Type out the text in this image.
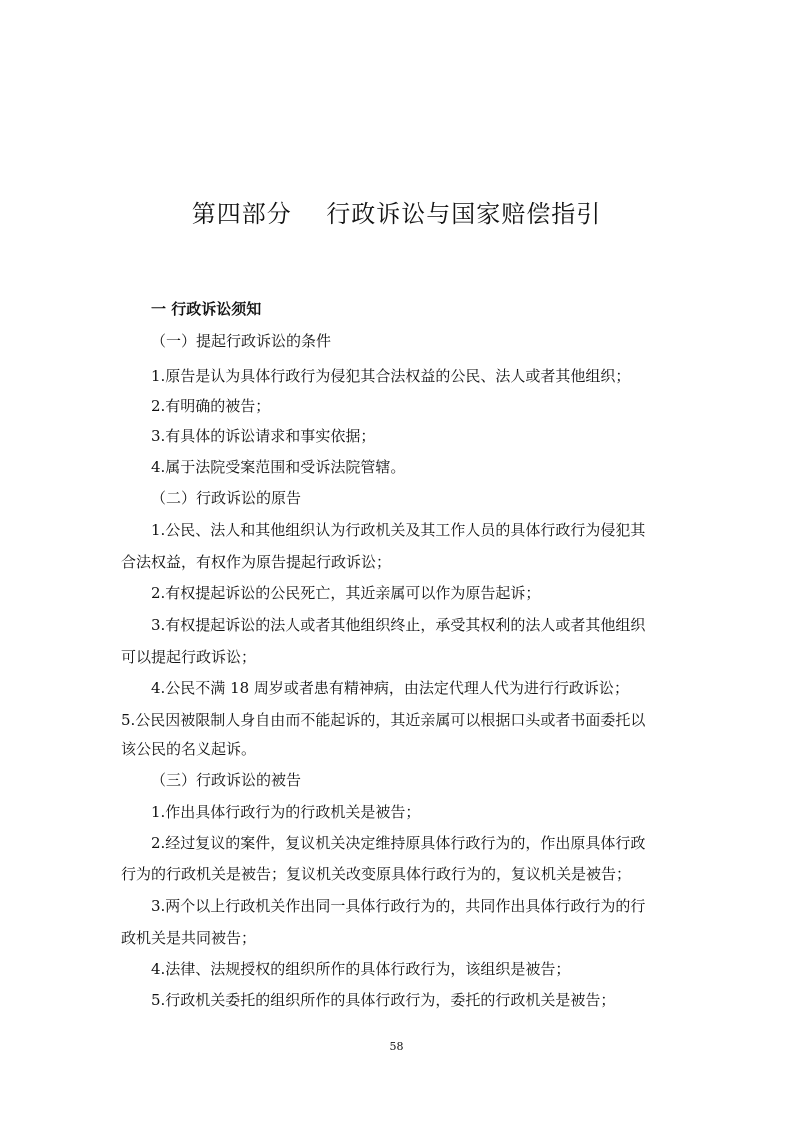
第四部分    行政诉讼与国家赔偿指引
一 行政诉讼须知
（一）提起行政诉讼的条件
1.原告是认为具体行政行为侵犯其合法权益的公民、法人或者其他组织；
2.有明确的被告；
3.有具体的诉讼请求和事实依据；
4.属于法院受案范围和受诉法院管辖。
（二）行政诉讼的原告
1.公民、法人和其他组织认为行政机关及其工作人员的具体行政行为侵犯其
合法权益，有权作为原告提起行政诉讼；
2.有权提起诉讼的公民死亡，其近亲属可以作为原告起诉；
3.有权提起诉讼的法人或者其他组织终止，承受其权利的法人或者其他组织
可以提起行政诉讼；
4.公民不满 18 周岁或者患有精神病，由法定代理人代为进行行政诉讼；
5.公民因被限制人身自由而不能起诉的，其近亲属可以根据口头或者书面委托以
该公民的名义起诉。
（三）行政诉讼的被告
1.作出具体行政行为的行政机关是被告；
2.经过复议的案件，复议机关决定维持原具体行政行为的，作出原具体行政
行为的行政机关是被告；复议机关改变原具体行政行为的，复议机关是被告；
3.两个以上行政机关作出同一具体行政行为的，共同作出具体行政行为的行
政机关是共同被告；
4.法律、法规授权的组织所作的具体行政行为，该组织是被告；
5.行政机关委托的组织所作的具体行政行为，委托的行政机关是被告；
58
